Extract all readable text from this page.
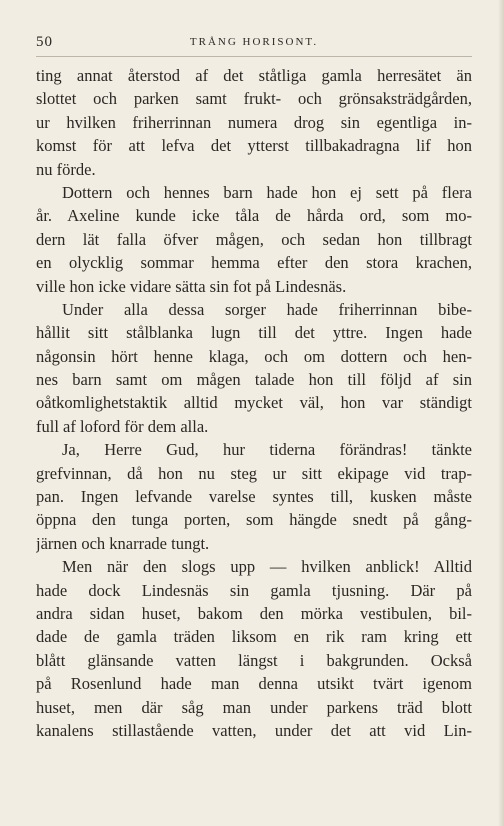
50	TRÅNG HORISONT.
ting annat återstod af det ståtliga gamla herresätet än
slottet och parken samt frukt- och grönsaksträdgården,
ur hvilken friherrinnan numera drog sin egentliga in-
komst för att lefva det ytterst tillbakadragna lif hon
nu förde.
Dottern och hennes barn hade hon ej sett på flera
år. Axeline kunde icke tåla de hårda ord, som mo-
dern lät falla öfver mågen, och sedan hon tillbragt
en olycklig sommar hemma efter den stora krachen,
ville hon icke vidare sätta sin fot på Lindesnäs.
Under alla dessa sorger hade friherrinnan bibe-
hållit sitt stålblanka lugn till det yttre. Ingen hade
någonsin hört henne klaga, och om dottern och hen-
nes barn samt om mågen talade hon till följd af sin
oåtkomlighetstaktik alltid mycket väl, hon var ständigt
full af loford för dem alla.
Ja, Herre Gud, hur tiderna förändras! tänkte
grefvinnan, då hon nu steg ur sitt ekipage vid trap-
pan. Ingen lefvande varelse syntes till, kusken måste
öppna den tunga porten, som hängde snedt på gång-
järnen och knarrade tungt.
Men när den slogs upp — hvilken anblick! Alltid
hade dock Lindesnäs sin gamla tjusning. Där på
andra sidan huset, bakom den mörka vestibulen, bil-
dade de gamla träden liksom en rik ram kring ett
blått glänsande vatten längst i bakgrunden. Också
på Rosenlund hade man denna utsikt tvärt igenom
huset, men där såg man under parkens träd blott
kanalens stillastående vatten, under det att vid Lin-
